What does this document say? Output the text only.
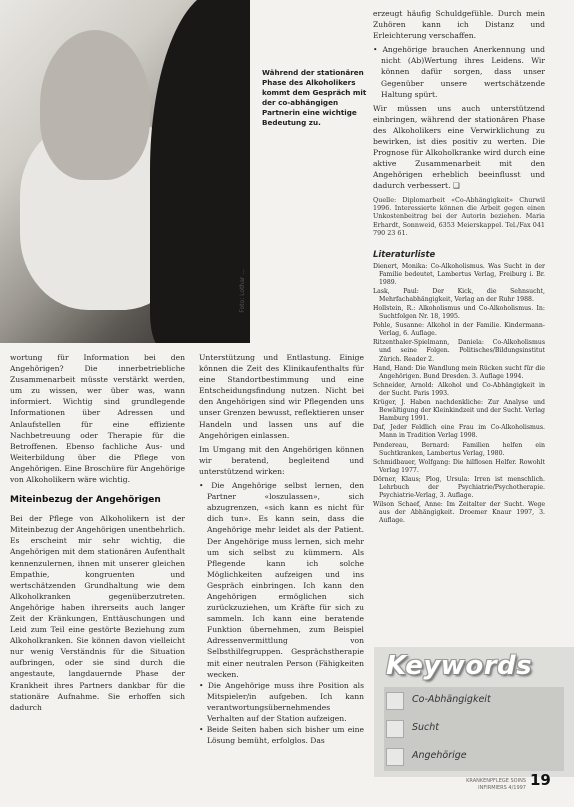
Foto: Lothar ...
Während der stationären Phase des Alkoholikers kommt dem Gespräch mit der co-abhängigen Partnerin eine wichtige Bedeutung zu.

wortung für Information bei den Angehörigen? Die innerbetriebliche Zusammenarbeit müsste verstärkt werden, um zu wissen, wer über was, wann informiert. Wichtig sind grundlegende Informationen über Adressen und Anlaufstellen für eine effiziente Nachbetreuung oder Therapie für die Betroffenen. Ebenso fachliche Aus- und Weiterbildung über die Pflege von Angehörigen. Eine Broschüre für Angehörige von Alkoholikern wäre wichtig.

Miteinbezug der Angehörigen

Bei der Pflege von Alkoholikern ist der Miteinbezug der Angehörigen unentbehrlich. Es erscheint mir sehr wichtig, die Angehörigen mit dem stationären Aufenthalt kennenzulernen, ihnen mit unserer gleichen Empathie, kongruenten und wertschätzenden Grundhaltung wie dem Alkoholkranken gegenüberzutreten. Angehörige haben ihrerseits auch langer Zeit der Kränkungen, Enttäuschungen und Leid zum Teil eine gestörte Beziehung zum Alkoholkranken. Sie können davon vielleicht nur wenig Verständnis für die Situation aufbringen, oder sie sind durch die angestaute, langdauernde Phase der Krankheit ihres Partners dankbar für die stationäre Aufnahme. Sie erhoffen sich dadurch

Unterstützung und Entlastung. Einige können die Zeit des Klinikaufenthalts für eine Standortbestimmung und eine Entscheidungsfindung nutzen. Nicht bei den Angehörigen sind wir Pflegenden uns unser Grenzen bewusst, reflektieren unser Handeln und lassen uns auf die Angehörigen einlassen.

Im Umgang mit den Angehörigen können wir beratend, begleitend und unterstützend wirken:

• Die Angehörige selbst lernen, den Partner «loszulassen», sich abzugrenzen, «sich kann es nicht für dich tun». Es kann sein, dass die Angehörige mehr leidet als der Patient. Der Angehörige muss lernen, sich mehr um sich selbst zu kümmern. Als Pflegende kann ich solche Möglichkeiten aufzeigen und ins Gespräch einbringen. Ich kann den Angehörigen ermöglichen sich zurückzuziehen, um Kräfte für sich zu sammeln. Ich kann eine beratende Funktion übernehmen, zum Beispiel Adressenvermittlung von Selbsthilfegruppen. Gesprächstherapie mit einer neutralen Person (Fähigkeiten wecken.
• Die Angehörige muss ihre Position als Mitspieler/in aufgeben. Ich kann verantwortungsübernehmendes Verhalten auf der Station aufzeigen.
• Beide Seiten haben sich bisher um eine Lösung bemüht, erfolglos. Das

erzeugt häufig Schuldgefühle. Durch mein Zuhören kann ich Distanz und Erleichterung verschaffen.

• Angehörige brauchen Anerkennung und nicht (Ab)Wertung ihres Leidens. Wir können dafür sorgen, dass unser Gegenüber unsere wertschätzende Haltung spürt.

Wir müssen uns auch unterstützend einbringen, während der stationären Phase des Alkoholikers eine Verwirklichung zu bewirken, ist dies positiv zu werten. Die Prognose für Alkoholkranke wird durch eine aktive Zusammenarbeit mit den Angehörigen erheblich beeinflusst und dadurch verbessert. ❑

Quelle: Diplomarbeit «Co-Abhängigkeit» Churwil 1996. Interessierte können die Arbeit gegen einen Unkostenbeitrag bei der Autorin beziehen. Maria Erhardt, Sonnweid, 6353 Meierskappel. Tel./Fax 041 790 23 61.
Literaturliste
Dienert, Monika: Co-Alkoholismus. Was Sucht in der Familie bedeutet, Lambertus Verlag, Freiburg i. Br. 1989.
Lask, Paul: Der Kick, die Sehnsucht, Mehrfachabhängigkeit, Verlag an der Ruhr 1988.
Hollstein, R.: Alkoholismus und Co-Alkoholismus. In: Suchtfolgen Nr. 18, 1995.
Pohle, Susanne: Alkohol in der Familie. Kindermann-Verlag, 6. Auflage.
Ritzenthaler-Spielmann, Daniela: Co-Alkoholismus und seine Folgen. Politisches/Bildungsinstitut Zürich. Reader 2.
Hand, Hand: Die Wandlung mein Rücken sucht für die Angehörigen. Bund Dresden. 3. Auflage 1994.
Schneider, Arnold: Alkohol und Co-Abhängigkeit in der Sucht. Paris 1993.
Krüger, J. Haben nachdenkliche: Zur Analyse und Bewältigung der Kleinkindzeit und der Sucht. Verlag Hamburg 1991.
Daf, Jeder Feldlich eine Frau im Co-Alkoholismus. Mann in Tradition Verlag 1998.
Pendereau, Bernard: Familien helfen ein Suchtkranken, Lambertus Verlag, 1980.
Schmidbauer, Wolfgang: Die hilflosen Helfer. Rowohlt Verlag 1977.
Dörner, Klaus; Plog, Ursula: Irren ist menschlich. Lehrbuch der Psychiatrie/Psychotherapie. Psychiatrie-Verlag, 3. Auflage.
Wilson Schaef, Anne: Im Zeitalter der Sucht. Wege aus der Abhängigkeit. Droemer Knaur 1997, 3. Auflage.
Keywords
Co-Abhängigkeit
Sucht
Angehörige
KRANKENPFLEGE SOINS INFIRMIERS 4/1997 19
